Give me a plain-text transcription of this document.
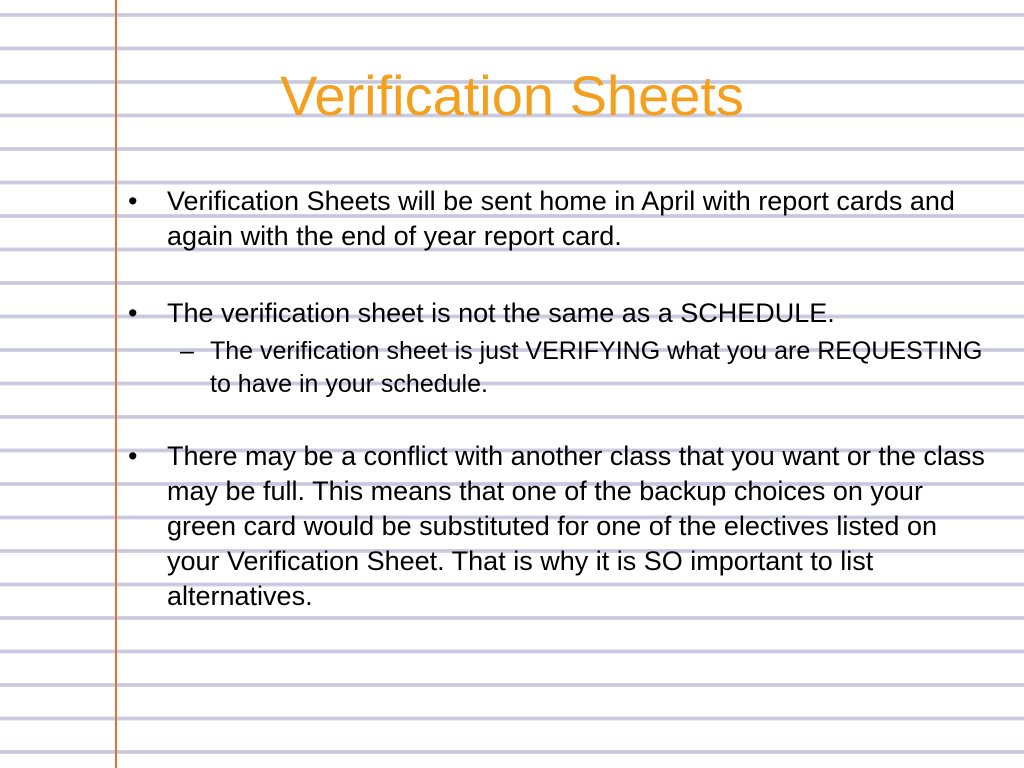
Verification Sheets
•	Verification Sheets will be sent home in April with report cards and again with the end of year report card.
•	The verification sheet is not the same as a SCHEDULE.
– The verification sheet is just VERIFYING what you are REQUESTING to have in your schedule.
•	There may be a conflict with another class that you want or the class may be full. This means that one of the backup choices on your green card would be substituted for one of the electives listed on your Verification Sheet. That is why it is SO important to list alternatives.
